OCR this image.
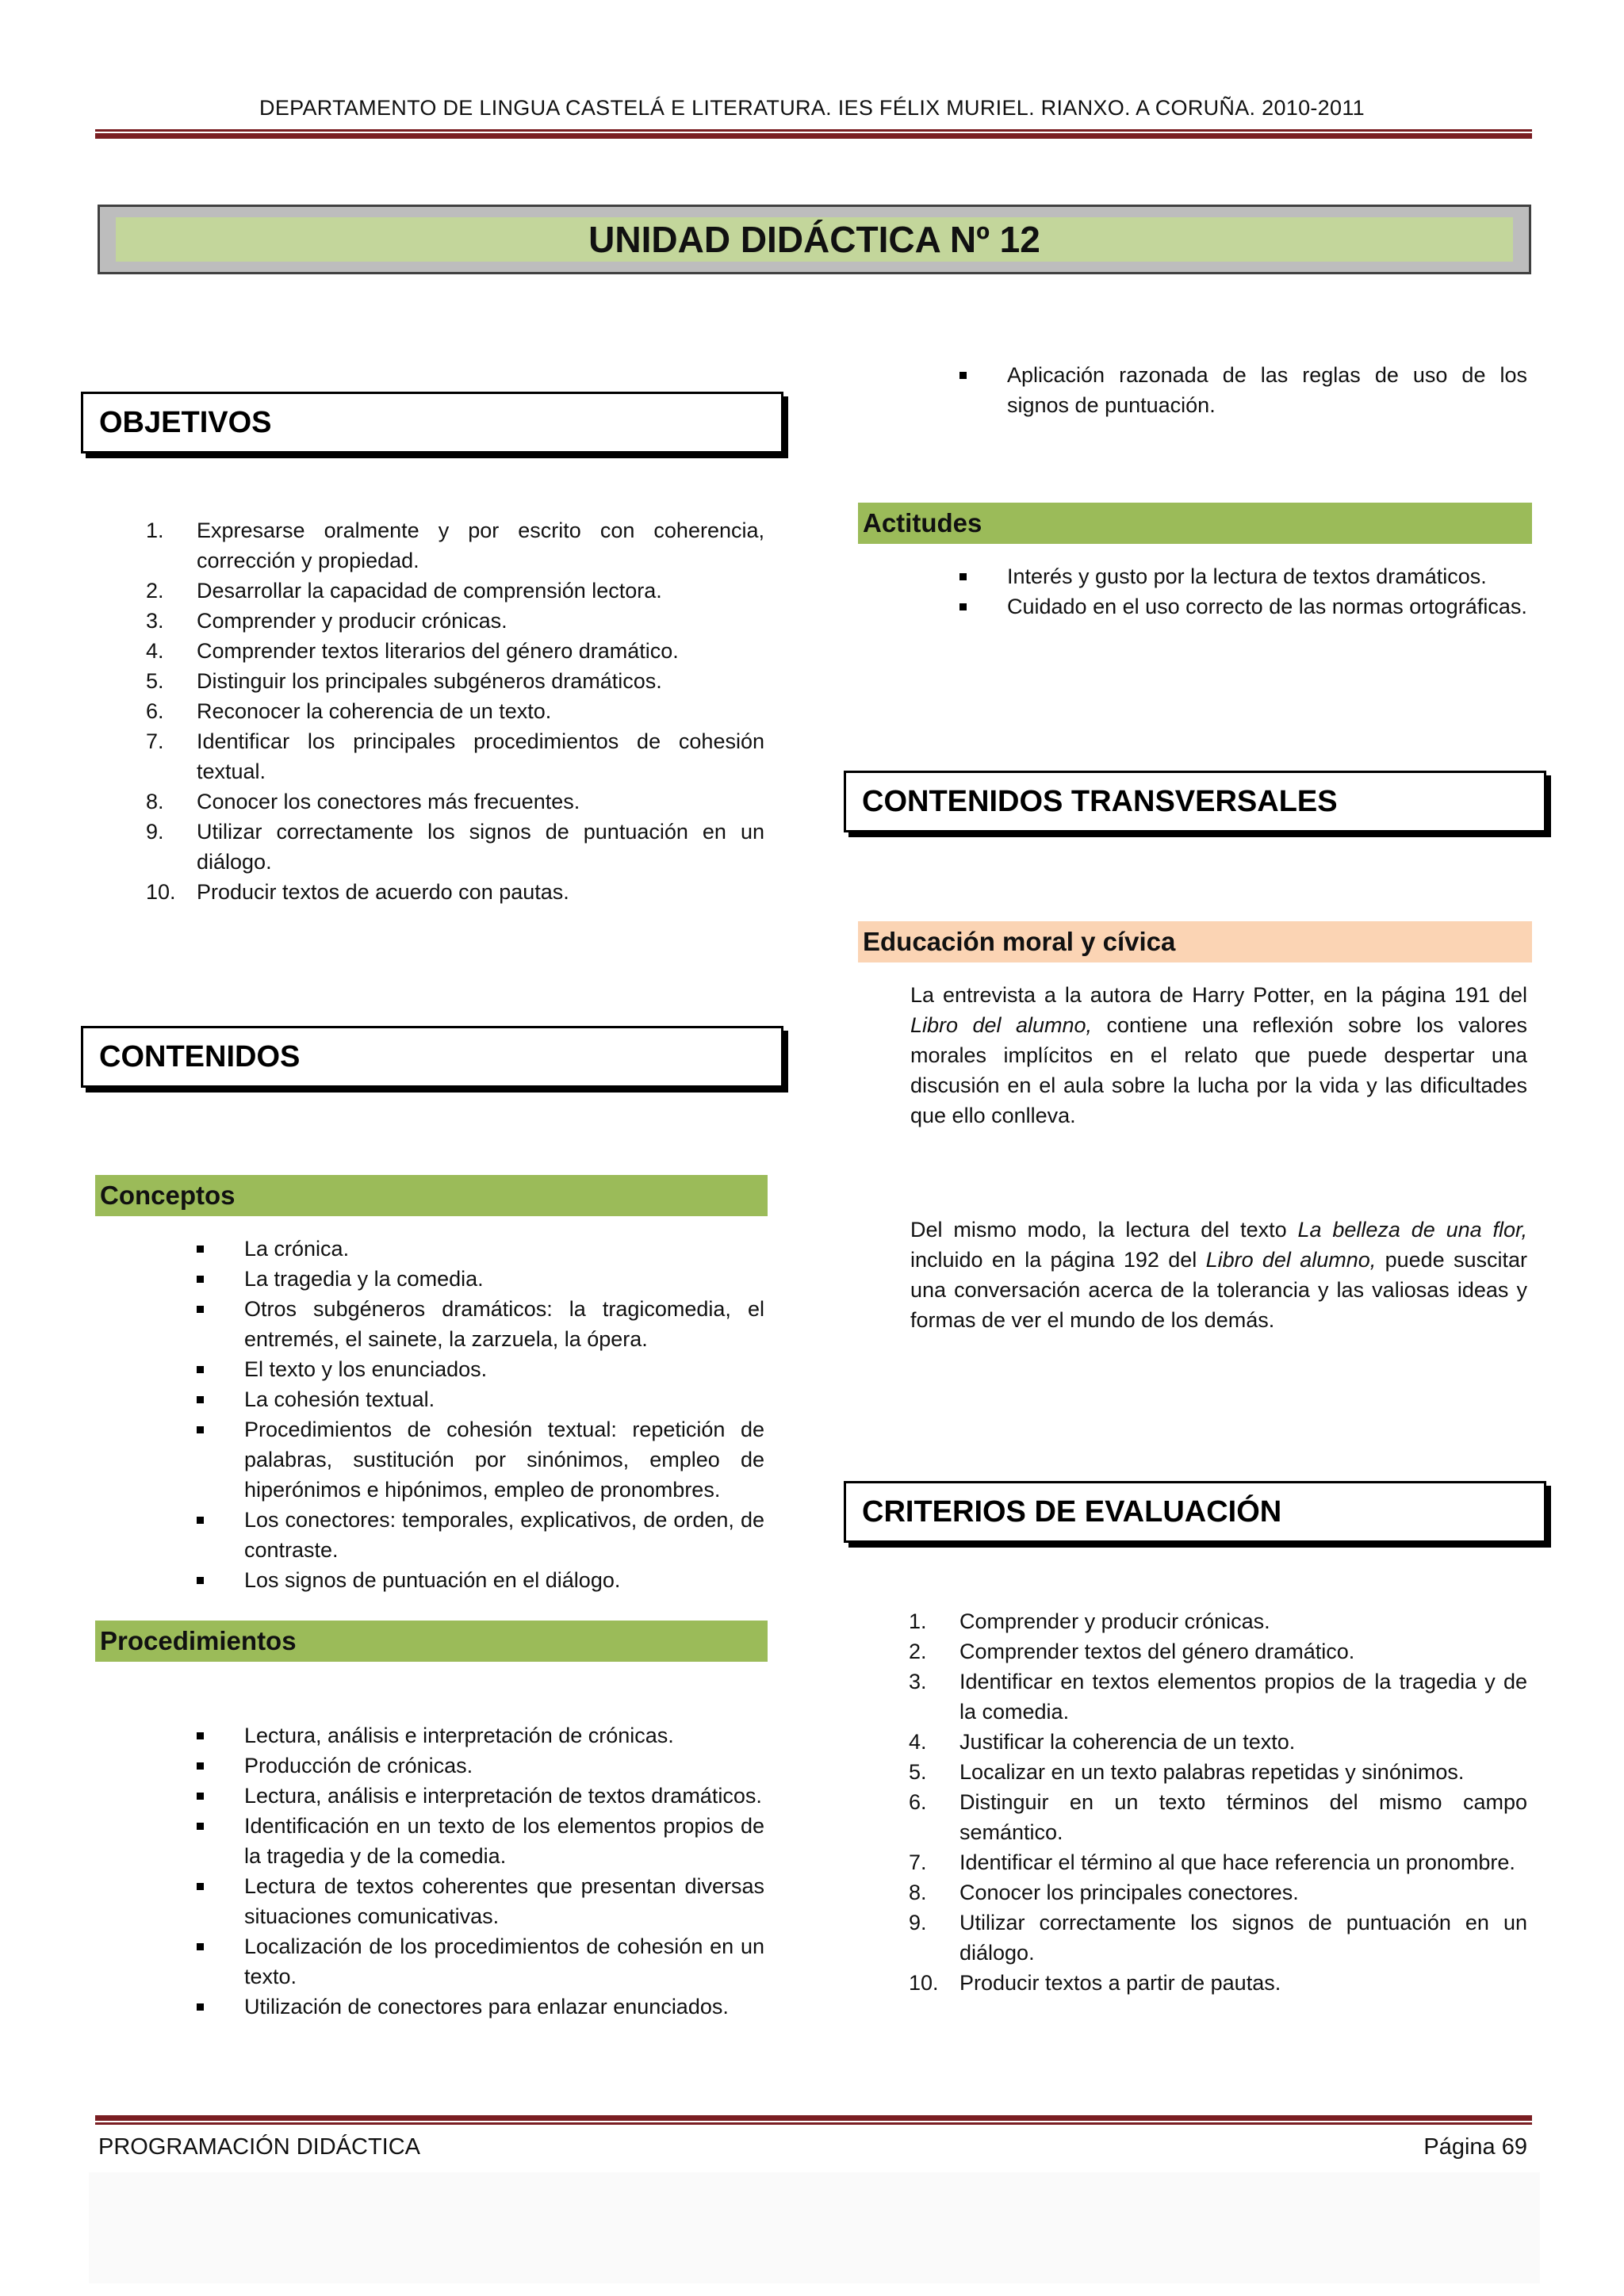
DEPARTAMENTO DE LINGUA CASTELÁ E LITERATURA. IES FÉLIX MURIEL. RIANXO. A CORUÑA. 2010-2011
UNIDAD DIDÁCTICA Nº 12
OBJETIVOS
1.	Expresarse oralmente y por escrito con coherencia, corrección y propiedad.
2.	Desarrollar la capacidad de comprensión lectora.
3.	Comprender y producir crónicas.
4.	Comprender textos literarios del género dramático.
5.	Distinguir los principales subgéneros dramáticos.
6.	Reconocer la coherencia de un texto.
7.	Identificar los principales procedimientos de cohesión textual.
8.	Conocer los conectores más frecuentes.
9.	Utilizar correctamente los signos de puntuación en un diálogo.
10. Producir textos de acuerdo con pautas.
CONTENIDOS
Conceptos
La crónica.
La tragedia y la comedia.
Otros subgéneros dramáticos: la tragicomedia, el entremés, el sainete, la zarzuela, la ópera.
El texto y los enunciados.
La cohesión textual.
Procedimientos de cohesión textual: repetición de palabras, sustitución por sinónimos, empleo de hiperónimos e hipónimos, empleo de pronombres.
Los conectores: temporales, explicativos, de orden, de contraste.
Los signos de puntuación en el diálogo.
Procedimientos
Lectura, análisis e interpretación de crónicas.
Producción de crónicas.
Lectura, análisis e interpretación de textos dramáticos.
Identificación en un texto de los elementos propios de la tragedia y de la comedia.
Lectura de textos coherentes que presentan diversas situaciones comunicativas.
Localización de los procedimientos de cohesión en un texto.
Utilización de conectores para enlazar enunciados.
Aplicación razonada de las reglas de uso de los signos de puntuación.
Actitudes
Interés y gusto por la lectura de textos dramáticos.
Cuidado en el uso correcto de las normas ortográficas.
CONTENIDOS TRANSVERSALES
Educación moral y cívica

La entrevista a la autora de Harry Potter, en la página 191 del Libro del alumno, contiene una reflexión sobre los valores morales implícitos en el relato que puede despertar una discusión en el aula sobre la lucha por la vida y las dificultades que ello conlleva.

Del mismo modo, la lectura del texto La belleza de una flor, incluido en la página 192 del Libro del alumno, puede suscitar una conversación acerca de la tolerancia y las valiosas ideas y formas de ver el mundo de los demás.

CRITERIOS DE EVALUACIÓN
1.	Comprender y producir crónicas.
2.	Comprender textos del género dramático.
3.	Identificar en textos elementos propios de la tragedia y de la comedia.
4.	Justificar la coherencia de un texto.
5.	Localizar en un texto palabras repetidas y sinónimos.
6.	Distinguir en un texto términos del mismo campo semántico.
7.	Identificar el término al que hace referencia un pronombre.
8.	Conocer los principales conectores.
9.	Utilizar correctamente los signos de puntuación en un diálogo.
10. Producir textos a partir de pautas.
PROGRAMACIÓN DIDÁCTICA	Página 69
